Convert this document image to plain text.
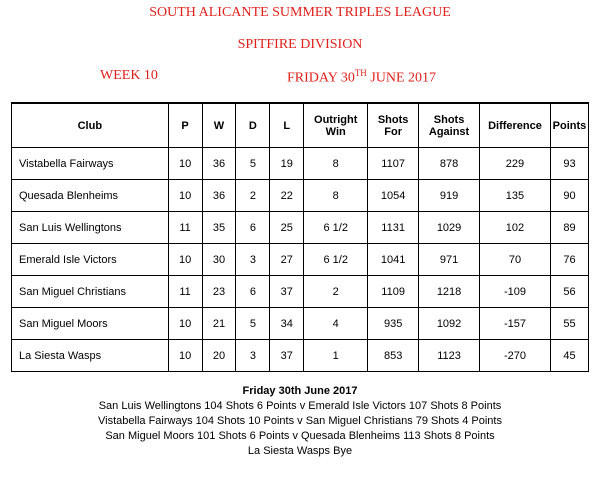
SOUTH ALICANTE SUMMER TRIPLES LEAGUE
SPITFIRE DIVISION
WEEK 10	FRIDAY 30TH JUNE 2017
Club	P	W	D	L	Outright Win	Shots For	Shots Against	Difference	Points
Vistabella Fairways	10	36	5	19	8	1107	878	229	93
Quesada Blenheims	10	36	2	22	8	1054	919	135	90
San Luis Wellingtons	11	35	6	25	6 1/2	1131	1029	102	89
Emerald Isle Victors	10	30	3	27	6 1/2	1041	971	70	76
San Miguel Christians	11	23	6	37	2	1109	1218	-109	56
San Miguel Moors	10	21	5	34	4	935	1092	-157	55
La Siesta Wasps	10	20	3	37	1	853	1123	-270	45
Friday 30th June 2017
San Luis Wellingtons 104 Shots 6 Points v Emerald Isle Victors 107 Shots 8 Points
Vistabella Fairways 104 Shots 10 Points v San Miguel Christians 79 Shots 4 Points
San Miguel Moors 101 Shots 6 Points v Quesada Blenheims 113 Shots 8 Points
La Siesta Wasps Bye
